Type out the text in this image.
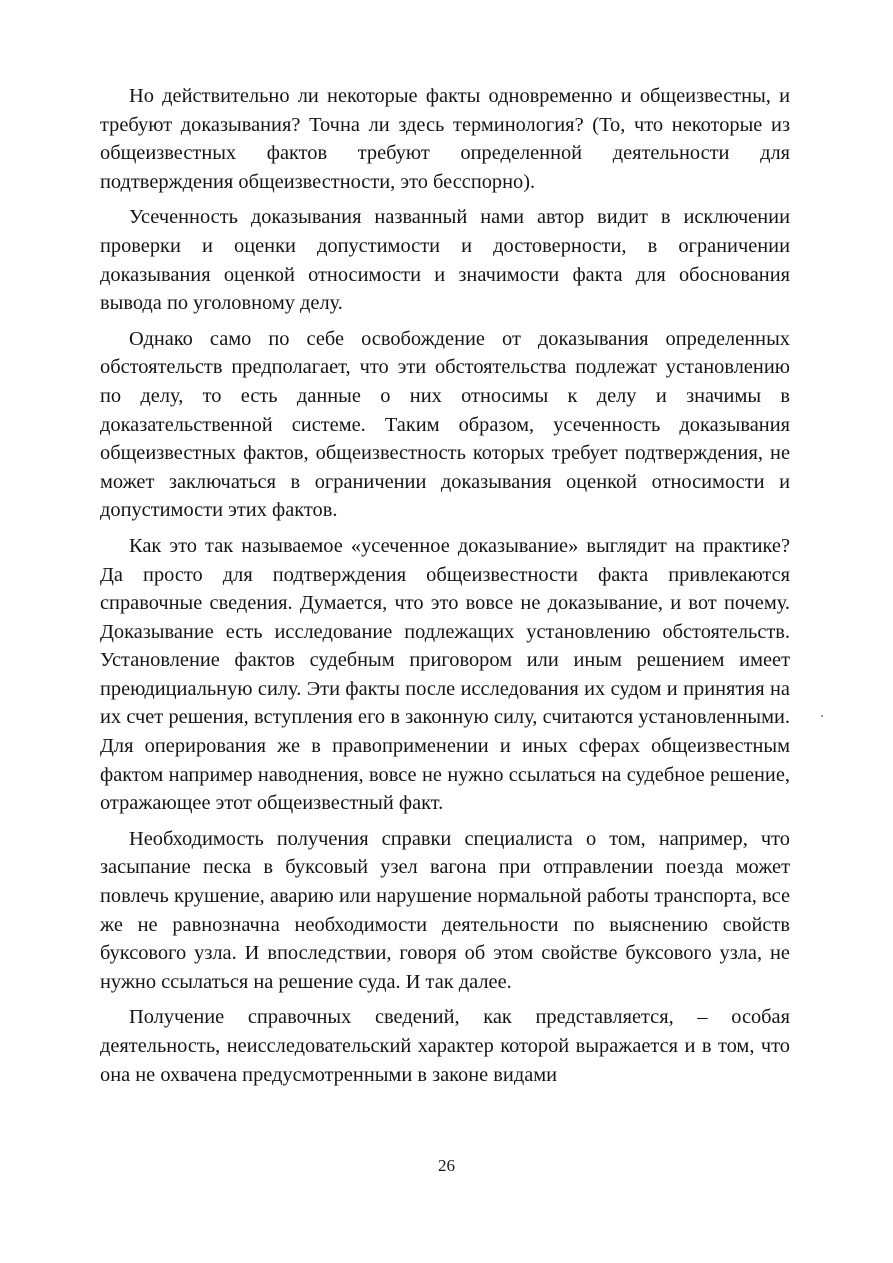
Но действительно ли некоторые факты одновременно и общеизвестны, и требуют доказывания? Точна ли здесь терминология? (То, что некоторые из общеизвестных фактов требуют определенной деятельности для подтверждения общеизвестности, это бесспорно).

Усеченность доказывания названный нами автор видит в исключении проверки и оценки допустимости и достоверности, в ограничении доказывания оценкой относимости и значимости факта для обоснования вывода по уголовному делу.

Однако само по себе освобождение от доказывания определенных обстоятельств предполагает, что эти обстоятельства подлежат установлению по делу, то есть данные о них относимы к делу и значимы в доказательственной системе. Таким образом, усеченность доказывания общеизвестных фактов, общеизвестность которых требует подтверждения, не может заключаться в ограничении доказывания оценкой относимости и допустимости этих фактов.

Как это так называемое «усеченное доказывание» выглядит на практике? Да просто для подтверждения общеизвестности факта привлекаются справочные сведения. Думается, что это вовсе не доказывание, и вот почему. Доказывание есть исследование подлежащих установлению обстоятельств. Установление фактов судебным приговором или иным решением имеет преюдициальную силу. Эти факты после исследования их судом и принятия на их счет решения, вступления его в законную силу, считаются установленными. Для оперирования же в правоприменении и иных сферах общеизвестным фактом например наводнения, вовсе не нужно ссылаться на судебное решение, отражающее этот общеизвестный факт.

Необходимость получения справки специалиста о том, например, что засыпание песка в буксовый узел вагона при отправлении поезда может повлечь крушение, аварию или нарушение нормальной работы транспорта, все же не равнозначна необходимости деятельности по выяснению свойств буксового узла. И впоследствии, говоря об этом свойстве буксового узла, не нужно ссылаться на решение суда. И так далее.

Получение справочных сведений, как представляется, – особая деятельность, неисследовательский характер которой выражается и в том, что она не охвачена предусмотренными в законе видами

26
